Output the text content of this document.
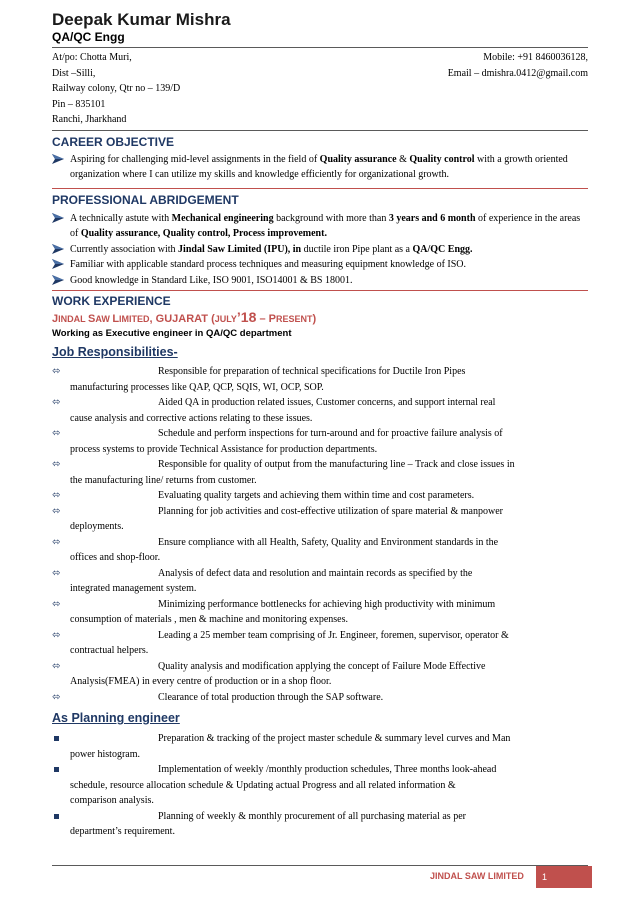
Deepak Kumar Mishra
QA/QC Engg
At/po: Chotta Muri,	Mobile: +91 8460036128,
Dist –Silli,	Email – dmishra.0412@gmail.com
Railway colony, Qtr no – 139/D
Pin – 835101
Ranchi, Jharkhand
CAREER OBJECTIVE
Aspiring for challenging mid-level assignments in the field of Quality assurance & Quality control with a growth oriented organization where I can utilize my skills and knowledge efficiently for organizational growth.
PROFESSIONAL ABRIDGEMENT
A technically astute with Mechanical engineering background with more than 3 years and 6 month of experience in the areas of Quality assurance, Quality control, Process improvement.
Currently association with Jindal Saw Limited (IPU), in ductile iron Pipe plant as a QA/QC Engg.
Familiar with applicable standard process techniques and measuring equipment knowledge of ISO.
Good knowledge in Standard Like, ISO 9001, ISO14001 & BS 18001.
WORK EXPERIENCE
JINDAL SAW LIMITED, GUJARAT (JULY’18 – PRESENT)
Working as Executive engineer in QA/QC department
Job Responsibilities-
⬄	Responsible for preparation of technical specifications for Ductile Iron Pipes
manufacturing processes like QAP, QCP, SQIS, WI, OCP, SOP.
⬄	Aided QA in production related issues, Customer concerns, and support internal real
cause analysis and corrective actions relating to these issues.
⬄	Schedule and perform inspections for turn-around and for proactive failure analysis of
process systems to provide Technical Assistance for production departments.
⬄	Responsible for quality of output from the manufacturing line – Track and close issues in
the manufacturing line/ returns from customer.
⬄	Evaluating quality targets and achieving them within time and cost parameters.
⬄	Planning for job activities and cost-effective utilization of spare material & manpower
deployments.
⬄	Ensure compliance with all Health, Safety, Quality and Environment standards in the
offices and shop-floor.
⬄	Analysis of defect data and resolution and maintain records as specified by the
integrated management system.
⬄	Minimizing performance bottlenecks for achieving high productivity with minimum
consumption of materials , men & machine and monitoring expenses.
⬄	Leading a 25 member team comprising of Jr. Engineer, foremen, supervisor, operator &
contractual helpers.
⬄	Quality analysis and modification applying the concept of Failure Mode Effective
Analysis(FMEA) in every centre of production or in a shop floor.
⬄	Clearance of total production through the SAP software.
As Planning engineer
Preparation & tracking of the project master schedule & summary level curves and Man
power histogram.
Implementation of weekly /monthly production schedules, Three months look-ahead
schedule, resource allocation schedule & Updating actual Progress and all related information &
comparison analysis.
Planning of weekly & monthly procurement of all purchasing material as per
department’s requirement.
JINDAL SAW LIMITED	1
